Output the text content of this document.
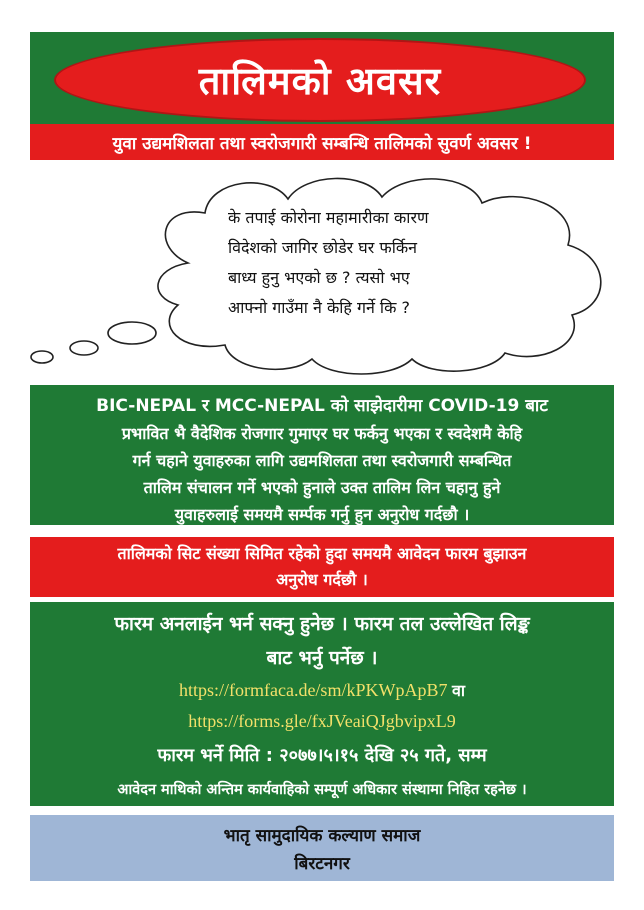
तालिमको अवसर
युवा उद्यमशिलता तथा स्वरोजगारी सम्बन्धि तालिमको सुवर्ण अवसर !
के तपाई कोरोना महामारीका कारण
विदेशको जागिर छोडेर घर फर्किन
बाध्य हुनु भएको छ ? त्यसो भए
आफ्नो गाउँमा नै केहि गर्ने कि ?
BIC-NEPAL र MCC-NEPAL को साझेदारीमा COVID-19 बाट
प्रभावित भै वैदेशिक रोजगार गुमाएर घर फर्कनु भएका र स्वदेशमै केहि
गर्न चहाने युवाहरुका लागि उद्यमशिलता तथा स्वरोजगारी सम्बन्धित
तालिम संचालन गर्ने भएको हुनाले उक्त तालिम लिन चहानु हुने
युवाहरुलाई समयमै सर्म्पक गर्नु हुन अनुरोध गर्दछौ ।
तालिमको सिट संख्या सिमित रहेको हुदा समयमै आवेदन फारम बुझाउन
अनुरोध गर्दछौ ।
फारम अनलाईन भर्न सक्नु हुनेछ । फारम तल उल्लेखित लिङ्क
बाट भर्नु पर्नेछ ।
https://formfaca.de/sm/kPKWpApB7 वा
https://forms.gle/fxJVeaiQJgbvipxL9
फारम भर्ने मिति : २०७७।५।१५ देखि २५ गते, सम्म
आवेदन माथिको अन्तिम कार्यवाहिको सम्पूर्ण अधिकार संस्थामा निहित रहनेछ ।
भातृ सामुदायिक कल्याण समाज
बिरटनगर
